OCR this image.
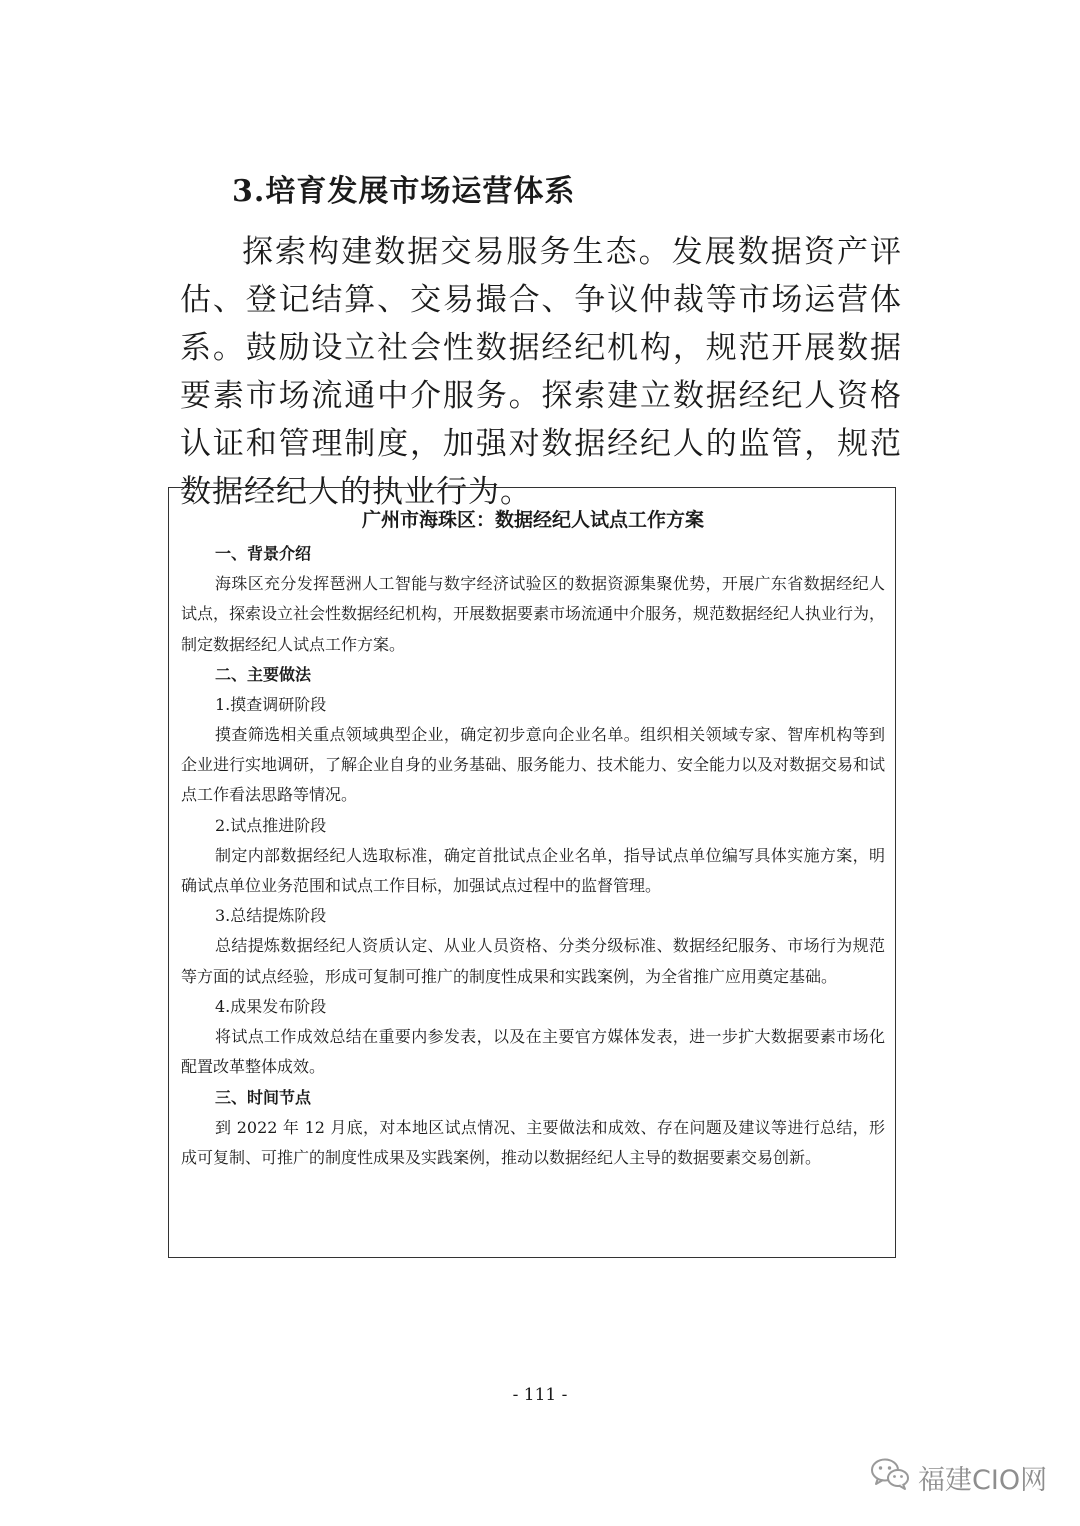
3.培育发展市场运营体系

探索构建数据交易服务生态。发展数据资产评估、登记结算、交易撮合、争议仲裁等市场运营体系。鼓励设立社会性数据经纪机构，规范开展数据要素市场流通中介服务。探索建立数据经纪人资格认证和管理制度，加强对数据经纪人的监管，规范数据经纪人的执业行为。

广州市海珠区：数据经纪人试点工作方案
一、背景介绍

海珠区充分发挥琶洲人工智能与数字经济试验区的数据资源集聚优势，开展广东省数据经纪人试点，探索设立社会性数据经纪机构，开展数据要素市场流通中介服务，规范数据经纪人执业行为，制定数据经纪人试点工作方案。

二、主要做法
1.摸查调研阶段

摸查筛选相关重点领域典型企业，确定初步意向企业名单。组织相关领域专家、智库机构等到企业进行实地调研，了解企业自身的业务基础、服务能力、技术能力、安全能力以及对数据交易和试点工作看法思路等情况。

2.试点推进阶段

制定内部数据经纪人选取标准，确定首批试点企业名单，指导试点单位编写具体实施方案，明确试点单位业务范围和试点工作目标，加强试点过程中的监督管理。

3.总结提炼阶段

总结提炼数据经纪人资质认定、从业人员资格、分类分级标准、数据经纪服务、市场行为规范等方面的试点经验，形成可复制可推广的制度性成果和实践案例，为全省推广应用奠定基础。

4.成果发布阶段

将试点工作成效总结在重要内参发表，以及在主要官方媒体发表，进一步扩大数据要素市场化配置改革整体成效。

三、时间节点

到 2022 年 12 月底，对本地区试点情况、主要做法和成效、存在问题及建议等进行总结，形成可复制、可推广的制度性成果及实践案例，推动以数据经纪人主导的数据要素交易创新。

- 111 -
福建CIO网
